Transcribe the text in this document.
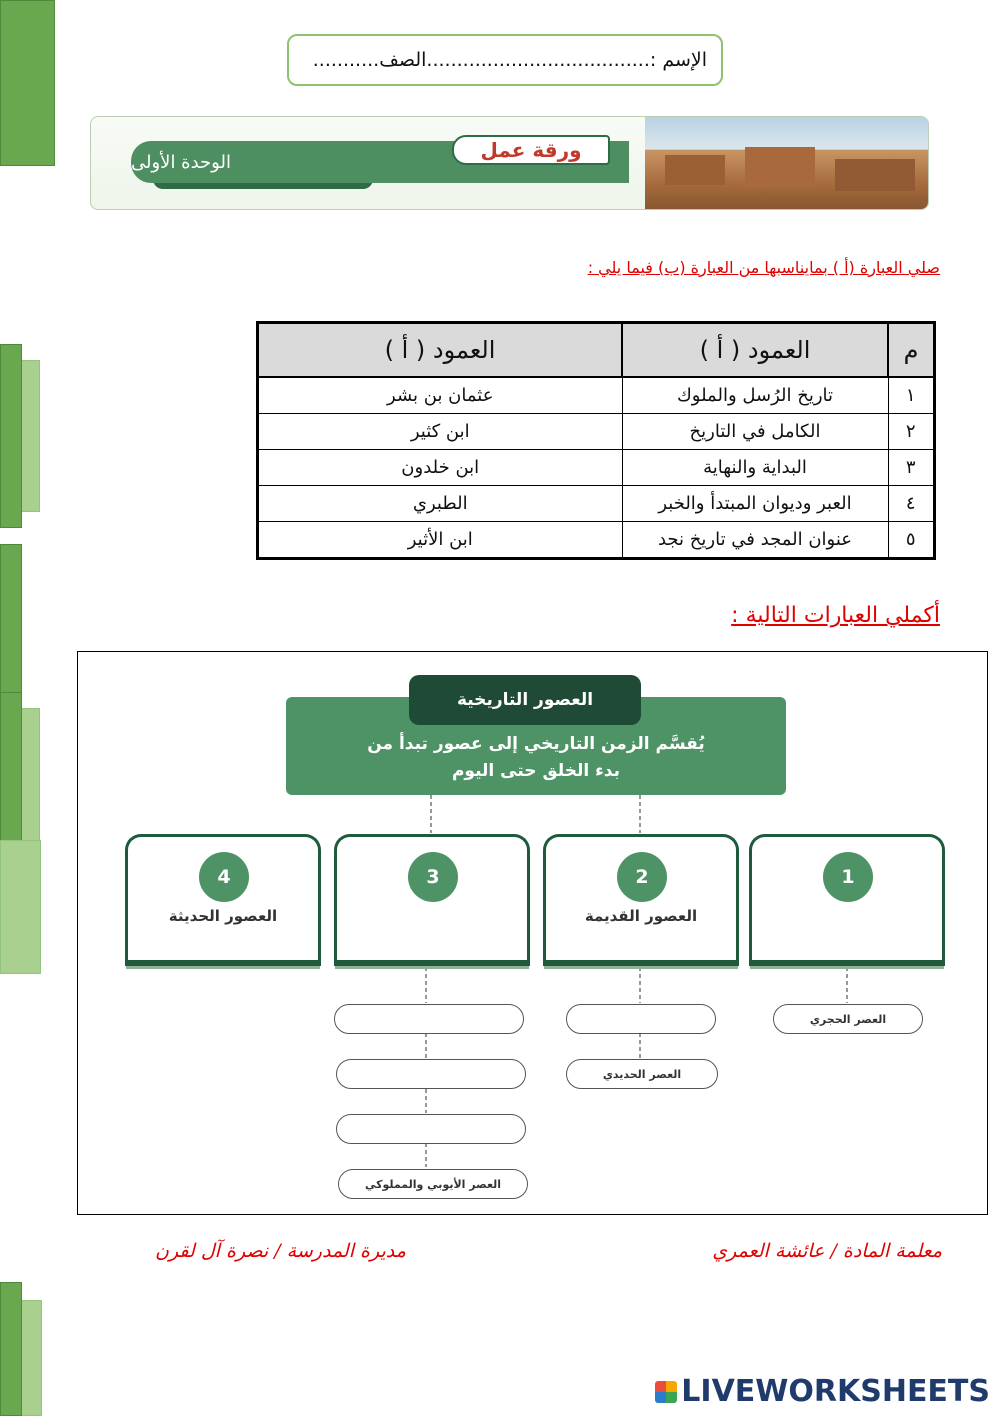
الإسم :.....................................الصف...........
الوحدة الأولى	ورقة عمل
صلي العبارة (أ ) بمايناسبها من العبارة (ب) فيما يلي :
م	العمود ( أ )	العمود ( أ )
١	تاريخ الرُسل والملوك	عثمان بن بشر
٢	الكامل في التاريخ	ابن كثير
٣	البداية والنهاية	ابن خلدون
٤	العبر وديوان المبتدأ والخبر	الطبري
٥	عنوان المجد في تاريخ نجد	ابن الأثير
أكملي العبارات التالية :
يُقسَّم الزمن التاريخي إلى عصور تبدأ من
بدء الخلق حتى اليوم
العصور التاريخية
1
2
العصور القديمة
3
4
العصور الحديثة
العصر الحجري
العصر الحديدي
العصر الأيوبي والمملوكي
معلمة المادة / عائشة العمري
مديرة المدرسة / نصرة آل لقرن
LIVEWORKSHEETS
